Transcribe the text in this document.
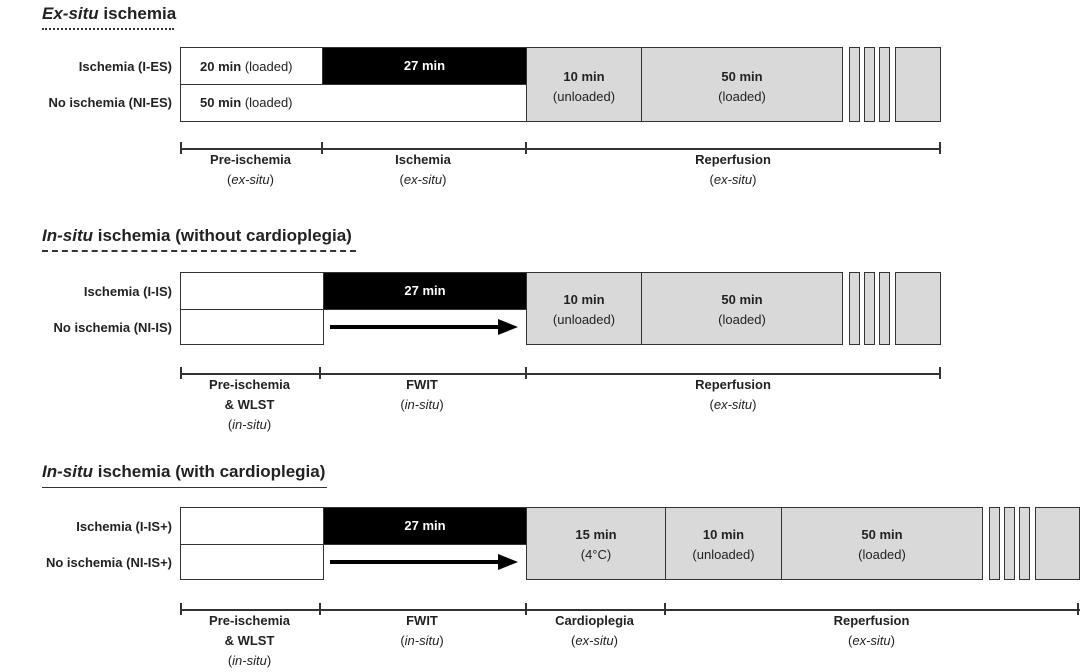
Ex-situ ischemia
Ischemia (I-ES)
No ischemia (NI-ES)
20 min (loaded)
50 min (loaded)
27 min
10 min
(unloaded)
50 min
(loaded)
Pre-ischemia
(ex-situ)
Ischemia
(ex-situ)
Reperfusion
(ex-situ)
In-situ ischemia (without cardioplegia)
Ischemia (I-IS)
No ischemia (NI-IS)
27 min
10 min
(unloaded)
50 min
(loaded)
Pre-ischemia
& WLST
(in-situ)
FWIT
(in-situ)
Reperfusion
(ex-situ)
In-situ ischemia (with cardioplegia)
Ischemia (I-IS+)
No ischemia (NI-IS+)
27 min
15 min
(4°C)
10 min
(unloaded)
50 min
(loaded)
Pre-ischemia
& WLST
(in-situ)
FWIT
(in-situ)
Cardioplegia
(ex-situ)
Reperfusion
(ex-situ)
